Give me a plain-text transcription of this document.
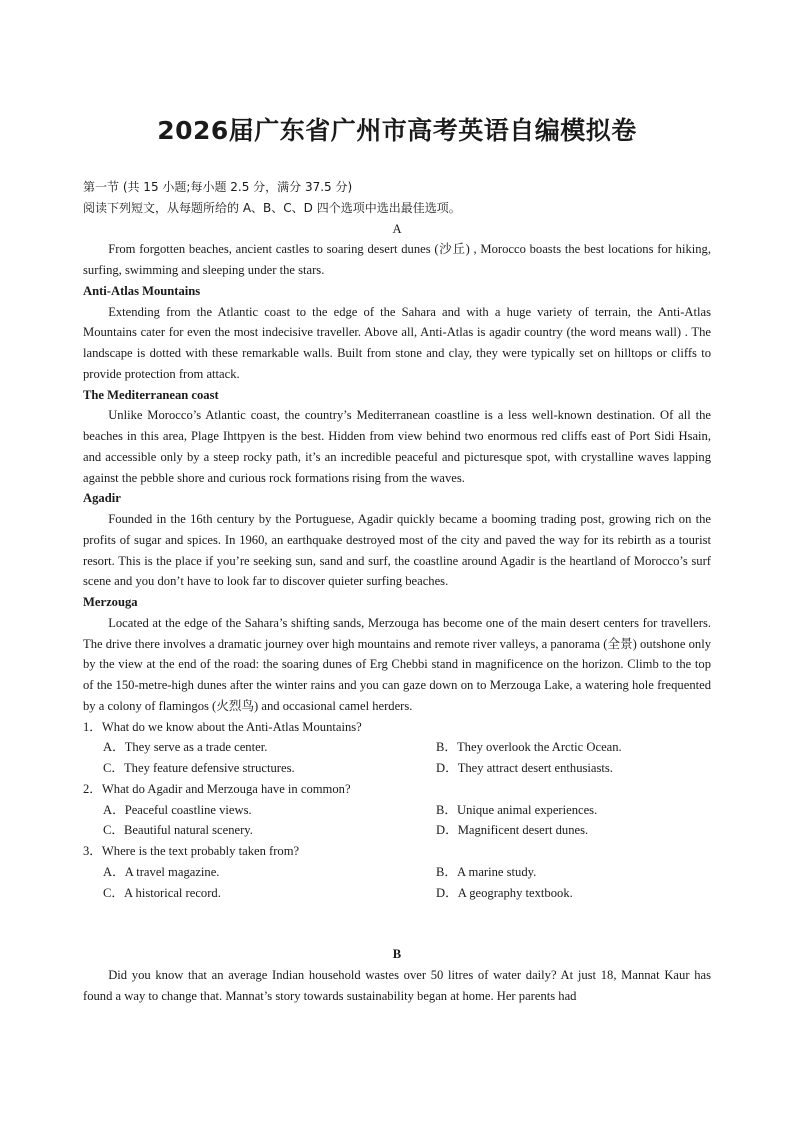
2026届广东省广州市高考英语自编模拟卷

第一节 (共 15 小题;每小题 2.5 分，满分 37.5 分)

阅读下列短文，从每题所给的 A、B、C、D 四个选项中选出最佳选项。

A

From forgotten beaches, ancient castles to soaring desert dunes (沙丘) , Morocco boasts the best locations for hiking, surfing, swimming and sleeping under the stars.

Anti-Atlas Mountains

Extending from the Atlantic coast to the edge of the Sahara and with a huge variety of terrain, the Anti-Atlas Mountains cater for even the most indecisive traveller. Above all, Anti-Atlas is agadir country (the word means wall) . The landscape is dotted with these remarkable walls. Built from stone and clay, they were typically set on hilltops or cliffs to provide protection from attack.

The Mediterranean coast

Unlike Morocco’s Atlantic coast, the country’s Mediterranean coastline is a less well-known destination. Of all the beaches in this area, Plage Ihttpyen is the best. Hidden from view behind two enormous red cliffs east of Port Sidi Hsain, and accessible only by a steep rocky path, it’s an incredible peaceful and picturesque spot, with crystalline waves lapping against the pebble shore and curious rock formations rising from the waves.

Agadir

Founded in the 16th century by the Portuguese, Agadir quickly became a booming trading post, growing rich on the profits of sugar and spices. In 1960, an earthquake destroyed most of the city and paved the way for its rebirth as a tourist resort. This is the place if you’re seeking sun, sand and surf, the coastline around Agadir is the heartland of Morocco’s surf scene and you don’t have to look far to discover quieter surfing beaches.

Merzouga

Located at the edge of the Sahara’s shifting sands, Merzouga has become one of the main desert centers for travellers. The drive there involves a dramatic journey over high mountains and remote river valleys, a panorama (全景) outshone only by the view at the end of the road: the soaring dunes of Erg Chebbi stand in magnificence on the horizon. Climb to the top of the 150-metre-high dunes after the winter rains and you can gaze down on to Merzouga Lake, a watering hole frequented by a colony of flamingos (火烈鸟) and occasional camel herders.

1．What do we know about the Anti-Atlas Mountains?

A．They serve as a trade center.	B．They overlook the Arctic Ocean.
C．They feature defensive structures.	D．They attract desert enthusiasts.

2．What do Agadir and Merzouga have in common?

A．Peaceful coastline views.	B．Unique animal experiences.
C．Beautiful natural scenery.	D．Magnificent desert dunes.

3．Where is the text probably taken from?

A．A travel magazine.	B．A marine study.
C．A historical record.	D．A geography textbook.

B

Did you know that an average Indian household wastes over 50 litres of water daily? At just 18, Mannat Kaur has found a way to change that. Mannat’s story towards sustainability began at home. Her parents had
